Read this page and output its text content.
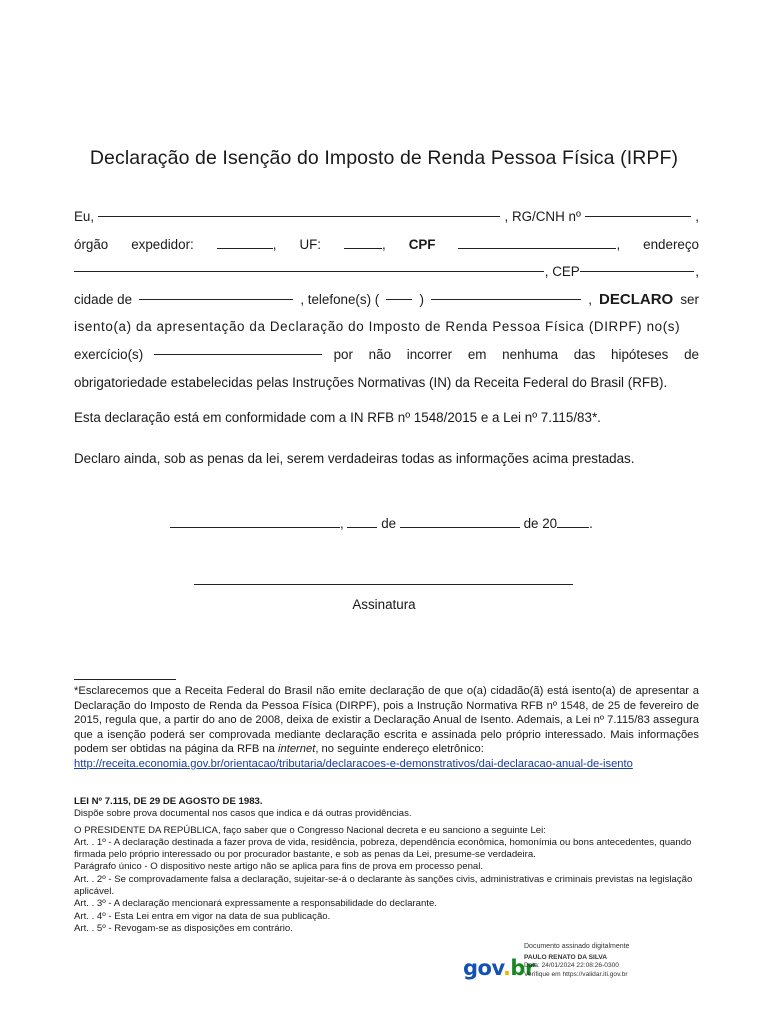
Declaração de Isenção do Imposto de Renda Pessoa Física (IRPF)
Eu,	, RG/CNH nº	,
órgão expedidor:	, UF:	, CPF	, endereço
, CEP	,
cidade de	, telefone(s) (	)	, DECLARO ser
isento(a) da apresentação da Declaração do Imposto de Renda Pessoa Física (DIRPF) no(s)
exercício(s)	por não incorrer em nenhuma das hipóteses de
obrigatoriedade estabelecidas pelas Instruções Normativas (IN) da Receita Federal do Brasil (RFB).
Esta declaração está em conformidade com a IN RFB nº 1548/2015 e a Lei nº 7.115/83*.
Declaro ainda, sob as penas da lei, serem verdadeiras todas as informações acima prestadas.
,	de	de 20 .
Assinatura
*Esclarecemos que a Receita Federal do Brasil não emite declaração de que o(a) cidadão(ã) está isento(a) de apresentar a Declaração do Imposto de Renda da Pessoa Física (DIRPF), pois a Instrução Normativa RFB nº 1548, de 25 de fevereiro de 2015, regula que, a partir do ano de 2008, deixa de existir a Declaração Anual de Isento. Ademais, a Lei nº 7.115/83 assegura que a isenção poderá ser comprovada mediante declaração escrita e assinada pelo próprio interessado. Mais informações podem ser obtidas na página da RFB na internet, no seguinte endereço eletrônico:
http://receita.economia.gov.br/orientacao/tributaria/declaracoes-e-demonstrativos/dai-declaracao-anual-de-isento
LEI Nº 7.115, DE 29 DE AGOSTO DE 1983.
Dispõe sobre prova documental nos casos que indica e dá outras providências.
O PRESIDENTE DA REPÚBLICA, faço saber que o Congresso Nacional decreta e eu sanciono a seguinte Lei:
Art. . 1º - A declaração destinada a fazer prova de vida, residência, pobreza, dependência econômica, homonímia ou bons antecedentes, quando firmada pelo próprio interessado ou por procurador bastante, e sob as penas da Lei, presume-se verdadeira.
Parágrafo único - O dispositivo neste artigo não se aplica para fins de prova em processo penal.
Art. . 2º - Se comprovadamente falsa a declaração, sujeitar-se-á o declarante às sanções civis, administrativas e criminais previstas na legislação aplicável.
Art. . 3º - A declaração mencionará expressamente a responsabilidade do declarante.
Art. . 4º - Esta Lei entra em vigor na data de sua publicação.
Art. . 5º - Revogam-se as disposições em contrário.
gov.br
Documento assinado digitalmente
PAULO RENATO DA SILVA
Data: 24/01/2024 22:08:26-0300
Verifique em https://validar.iti.gov.br
